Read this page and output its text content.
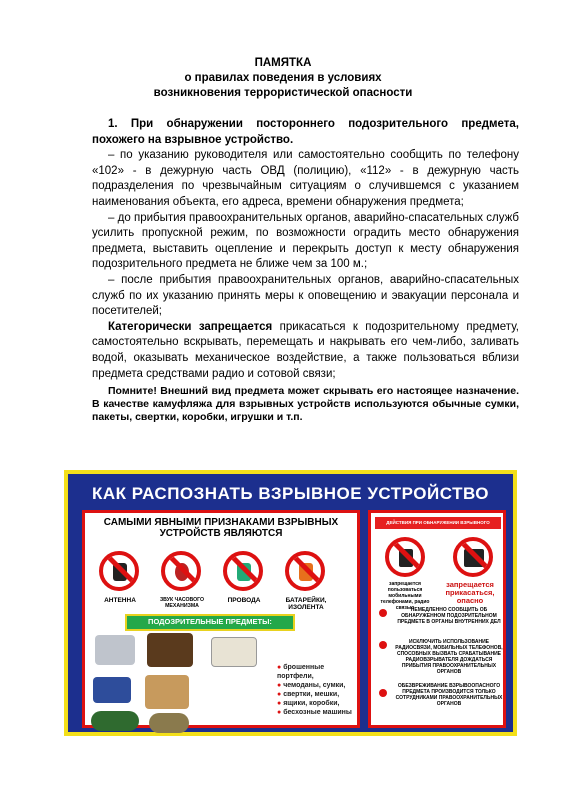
ПАМЯТКА
о правилах поведения в условиях
возникновения террористической опасности

1. При обнаружении постороннего подозрительного предмета, похожего на взрывное устройство.

– по указанию руководителя или самостоятельно сообщить по телефону «102» - в дежурную часть ОВД (полицию), «112» - в дежурную часть подразделения по чрезвычайным ситуациям о случившемся с указанием наименования объекта, его адреса, времени обнаружения предмета;

– до прибытия правоохранительных органов, аварийно-спасательных служб усилить пропускной режим, по возможности оградить место обнаружения предмета, выставить оцепление и перекрыть доступ к месту обнаружения подозрительного предмета не ближе чем за 100 м.;

– после прибытия правоохранительных органов, аварийно-спасательных служб по их указанию принять меры к оповещению и эвакуации персонала и посетителей;

Категорически запрещается прикасаться к подозрительному предмету, самостоятельно вскрывать, перемещать и накрывать его чем-либо, заливать водой, оказывать механическое воздействие, а также пользоваться вблизи предмета средствами радио и сотовой связи;

Помните! Внешний вид предмета может скрывать его настоящее назначение. В качестве камуфляжа для взрывных устройств используются обычные сумки, пакеты, свертки, коробки, игрушки и т.п.

КАК РАСПОЗНАТЬ ВЗРЫВНОЕ УСТРОЙСТВО
САМЫМИ ЯВНЫМИ ПРИЗНАКАМИ ВЗРЫВНЫХ УСТРОЙСТВ ЯВЛЯЮТСЯ
АНТЕННА	ЗВУК ЧАСОВОГО МЕХАНИЗМА
ПРОВОДА	БАТАРЕЙКИ, ИЗОЛЕНТА
ПОДОЗРИТЕЛЬНЫЕ ПРЕДМЕТЫ:
● брошенные портфели,
● чемоданы, сумки,
● свертки, мешки,
● ящики, коробки,
● бесхозные машины
ДЕЙСТВИЯ ПРИ ОБНАРУЖЕНИИ ВЗРЫВНОГО УСТРОЙСТВА
запрещается пользоваться мобильными телефонами, радио связью
запрещается прикасаться, опасно
НЕМЕДЛЕННО СООБЩИТЬ ОБ ОБНАРУЖЕННОМ ПОДОЗРИТЕЛЬНОМ ПРЕДМЕТЕ В ОРГАНЫ ВНУТРЕННИХ ДЕЛ
ИСКЛЮЧИТЬ ИСПОЛЬЗОВАНИЕ РАДИОСВЯЗИ, МОБИЛЬНЫХ ТЕЛЕФОНОВ, СПОСОБНЫХ ВЫЗВАТЬ СРАБАТЫВАНИЕ РАДИОВЗРЫВАТЕЛЯ ДОЖДАТЬСЯ ПРИБЫТИЯ ПРАВООХРАНИТЕЛЬНЫХ ОРГАНОВ
ОБЕЗВРЕЖИВАНИЕ ВЗРЫВООПАСНОГО ПРЕДМЕТА ПРОИЗВОДИТСЯ ТОЛЬКО СОТРУДНИКАМИ ПРАВООХРАНИТЕЛЬНЫХ ОРГАНОВ
